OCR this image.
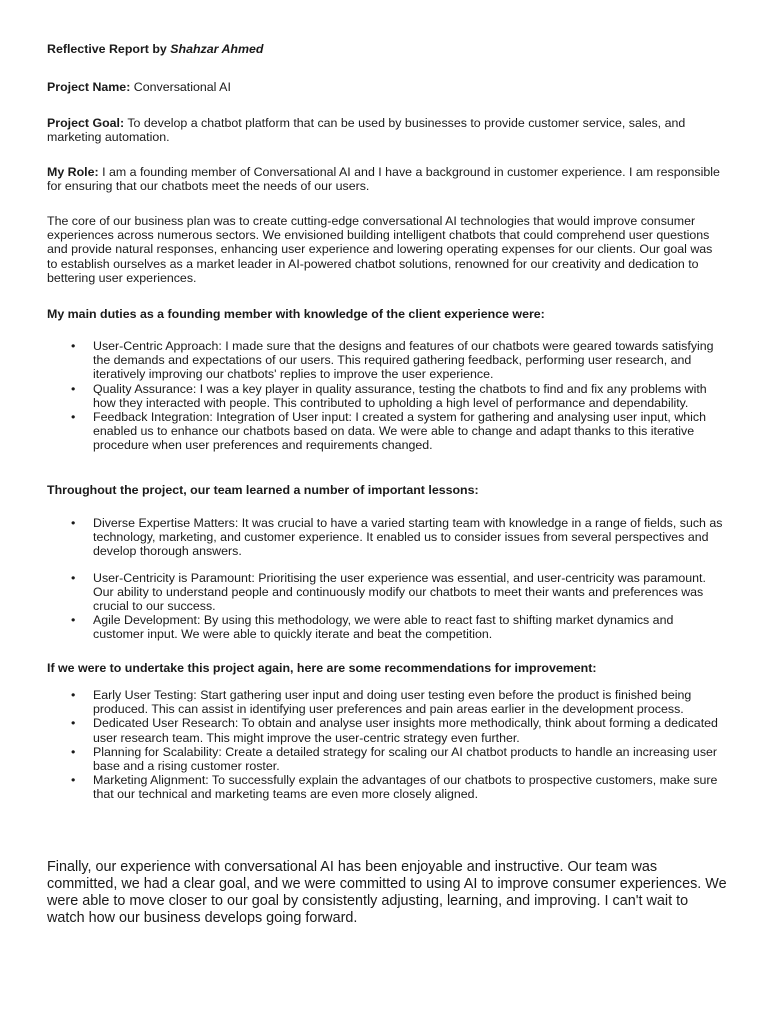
Reflective Report by Shahzar Ahmed

Project Name: Conversational AI

Project Goal: To develop a chatbot platform that can be used by businesses to provide customer service, sales, and marketing automation.

My Role: I am a founding member of Conversational AI and I have a background in customer experience. I am responsible for ensuring that our chatbots meet the needs of our users.

The core of our business plan was to create cutting-edge conversational AI technologies that would improve consumer experiences across numerous sectors. We envisioned building intelligent chatbots that could comprehend user questions and provide natural responses, enhancing user experience and lowering operating expenses for our clients. Our goal was to establish ourselves as a market leader in AI-powered chatbot solutions, renowned for our creativity and dedication to bettering user experiences.

My main duties as a founding member with knowledge of the client experience were:

• User-Centric Approach: I made sure that the designs and features of our chatbots were geared towards satisfying the demands and expectations of our users. This required gathering feedback, performing user research, and iteratively improving our chatbots' replies to improve the user experience.
• Quality Assurance: I was a key player in quality assurance, testing the chatbots to find and fix any problems with how they interacted with people. This contributed to upholding a high level of performance and dependability.
• Feedback Integration: Integration of User input: I created a system for gathering and analysing user input, which enabled us to enhance our chatbots based on data. We were able to change and adapt thanks to this iterative procedure when user preferences and requirements changed.

Throughout the project, our team learned a number of important lessons:

• Diverse Expertise Matters: It was crucial to have a varied starting team with knowledge in a range of fields, such as technology, marketing, and customer experience. It enabled us to consider issues from several perspectives and develop thorough answers.
• User-Centricity is Paramount: Prioritising the user experience was essential, and user-centricity was paramount. Our ability to understand people and continuously modify our chatbots to meet their wants and preferences was crucial to our success.
• Agile Development: By using this methodology, we were able to react fast to shifting market dynamics and customer input. We were able to quickly iterate and beat the competition.

If we were to undertake this project again, here are some recommendations for improvement:

• Early User Testing: Start gathering user input and doing user testing even before the product is finished being produced. This can assist in identifying user preferences and pain areas earlier in the development process.
• Dedicated User Research: To obtain and analyse user insights more methodically, think about forming a dedicated user research team. This might improve the user-centric strategy even further.
• Planning for Scalability: Create a detailed strategy for scaling our AI chatbot products to handle an increasing user base and a rising customer roster.
• Marketing Alignment: To successfully explain the advantages of our chatbots to prospective customers, make sure that our technical and marketing teams are even more closely aligned.

Finally, our experience with conversational AI has been enjoyable and instructive. Our team was committed, we had a clear goal, and we were committed to using AI to improve consumer experiences. We were able to move closer to our goal by consistently adjusting, learning, and improving. I can't wait to watch how our business develops going forward.
